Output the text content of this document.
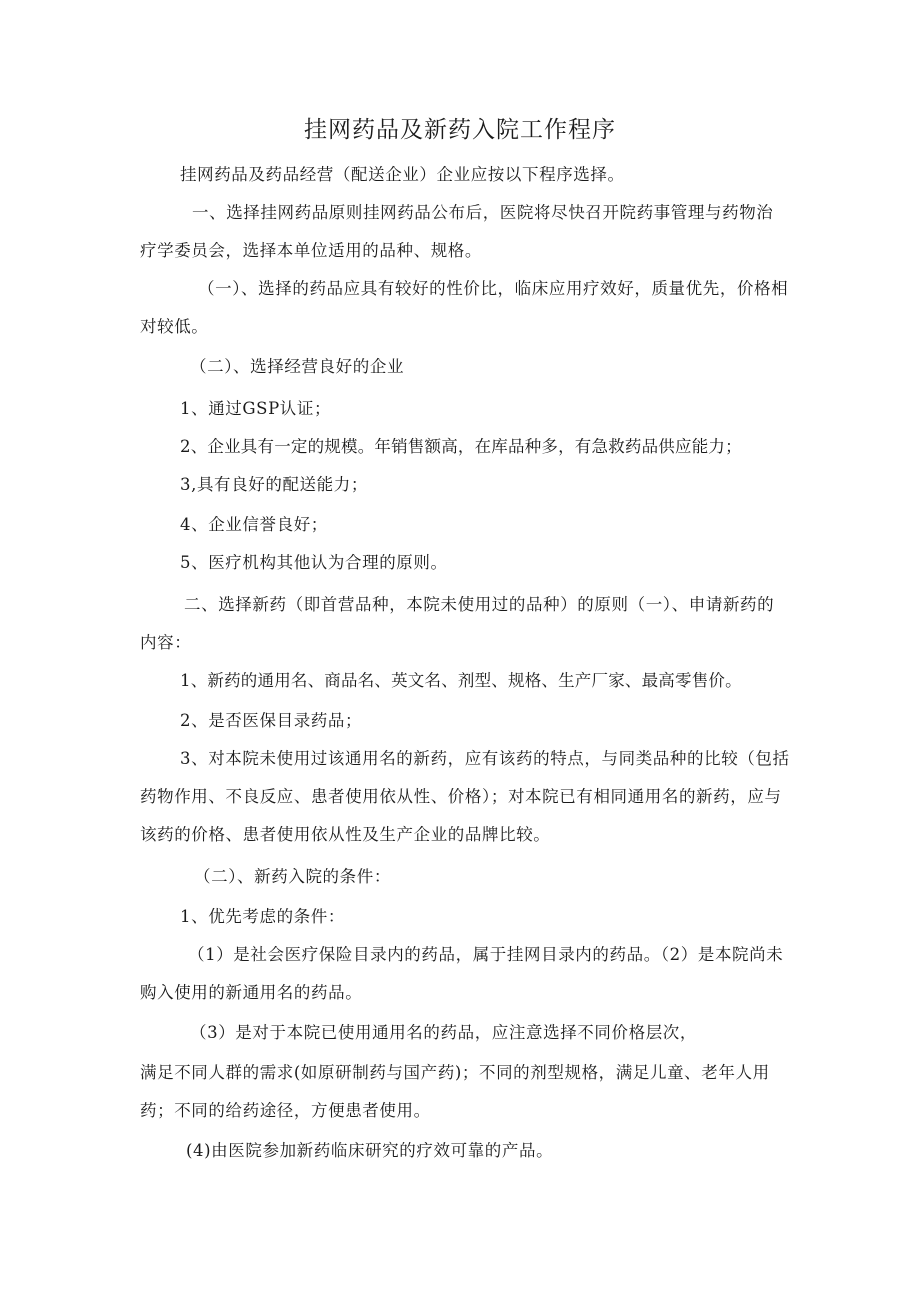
挂网药品及新药入院工作程序

挂网药品及药品经营（配送企业）企业应按以下程序选择。

一、选择挂网药品原则挂网药品公布后，医院将尽快召开院药事管理与药物治疗学委员会，选择本单位适用的品种、规格。

（一）、选择的药品应具有较好的性价比，临床应用疗效好，质量优先，价格相对较低。

（二）、选择经营良好的企业

1、通过GSP认证；

2、企业具有一定的规模。年销售额高，在库品种多，有急救药品供应能力；

3,具有良好的配送能力；

4、企业信誉良好；

5、医疗机构其他认为合理的原则。

二、选择新药（即首营品种，本院未使用过的品种）的原则（一）、申请新药的内容：

1、新药的通用名、商品名、英文名、剂型、规格、生产厂家、最高零售价。

2、是否医保目录药品；

3、对本院未使用过该通用名的新药，应有该药的特点，与同类品种的比较（包括药物作用、不良反应、患者使用依从性、价格）；对本院已有相同通用名的新药，应与该药的价格、患者使用依从性及生产企业的品牌比较。

（二）、新药入院的条件：

1、优先考虑的条件：

（1）是社会医疗保险目录内的药品，属于挂网目录内的药品。（2）是本院尚未购入使用的新通用名的药品。

（3）是对于本院已使用通用名的药品，应注意选择不同价格层次，

满足不同人群的需求(如原研制药与国产药)；不同的剂型规格，满足儿童、老年人用药；不同的给药途径，方便患者使用。

(4)由医院参加新药临床研究的疗效可靠的产品。
